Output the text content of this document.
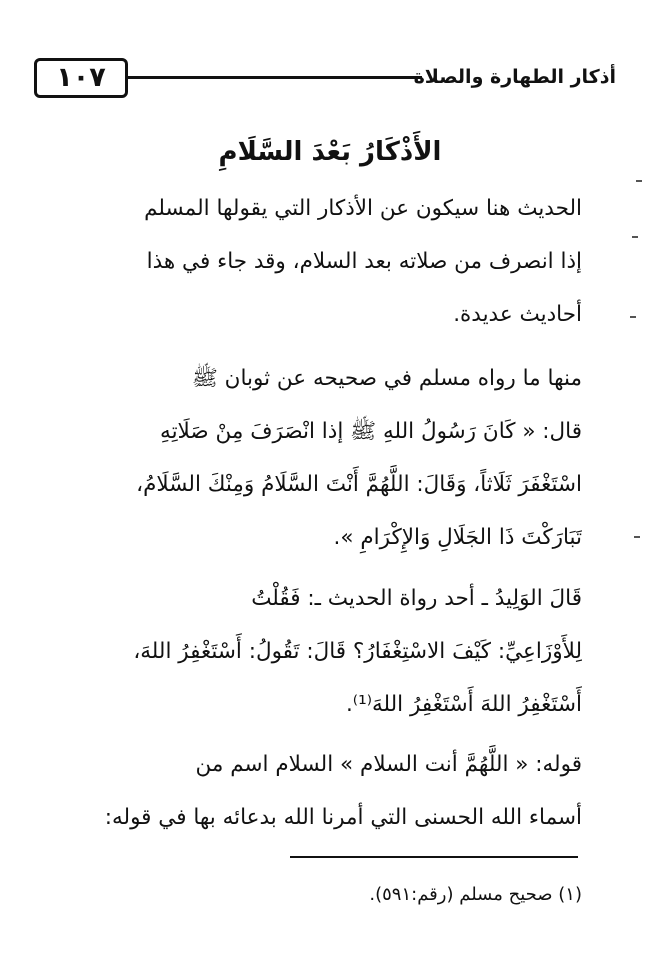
١٠٧	أذكار الطهارة والصلاة
الأَذْكَارُ بَعْدَ السَّلَامِ
الحديث هنا سيكون عن الأذكار التي يقولها المسلم
إذا انصرف من صلاته بعد السلام، وقد جاء في هذا
أحاديث عديدة.
منها ما رواه مسلم في صحيحه عن ثوبان ﷺ
قال: « كَانَ رَسُولُ اللهِ ﷺ إذا انْصَرَفَ مِنْ صَلَاتِهِ
اسْتَغْفَرَ ثَلَاثاً، وَقَالَ: اللَّهُمَّ أَنْتَ السَّلَامُ وَمِنْكَ السَّلَامُ،
تَبَارَكْتَ ذَا الجَلَالِ وَالإِكْرَامِ ».
قَالَ الوَلِيدُ ـ أحد رواة الحديث ـ: فَقُلْتُ
لِلأَوْزَاعِيِّ: كَيْفَ الاسْتِغْفَارُ؟ قَالَ: تَقُولُ: أَسْتَغْفِرُ اللهَ،
أَسْتَغْفِرُ اللهَ أَسْتَغْفِرُ اللهَ⁽¹⁾.
قوله: « اللَّهُمَّ أنت السلام » السلام اسم من
أسماء الله الحسنى التي أمرنا الله بدعائه بها في قوله:
(١) صحيح مسلم (رقم:٥٩١).
